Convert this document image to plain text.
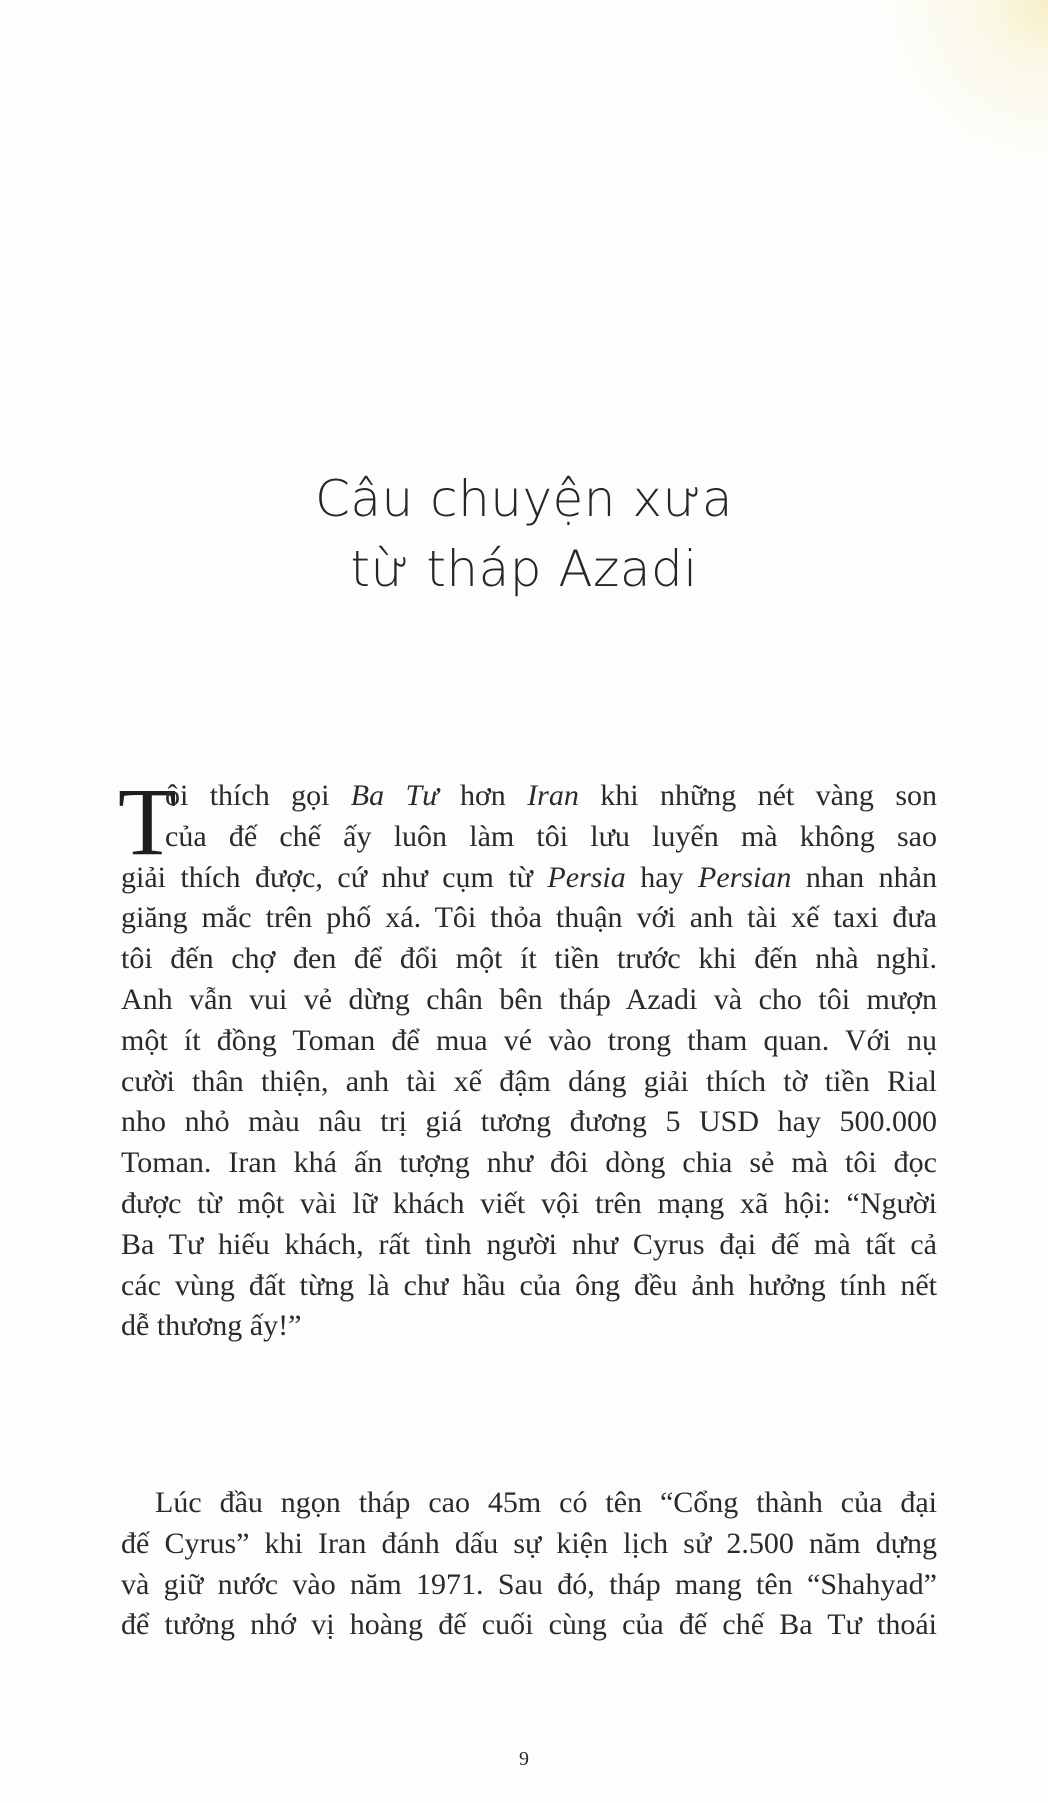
Câu chuyện xưa
từ tháp Azadi
T
ôi thích gọi Ba Tư hơn Iran khi những nét vàng son
của đế chế ấy luôn làm tôi lưu luyến mà không sao
giải thích được, cứ như cụm từ Persia hay Persian nhan nhản
giăng mắc trên phố xá. Tôi thỏa thuận với anh tài xế taxi đưa
tôi đến chợ đen để đổi một ít tiền trước khi đến nhà nghỉ.
Anh vẫn vui vẻ dừng chân bên tháp Azadi và cho tôi mượn
một ít đồng Toman để mua vé vào trong tham quan. Với nụ
cười thân thiện, anh tài xế đậm dáng giải thích tờ tiền Rial
nho nhỏ màu nâu trị giá tương đương 5 USD hay 500.000
Toman. Iran khá ấn tượng như đôi dòng chia sẻ mà tôi đọc
được từ một vài lữ khách viết vội trên mạng xã hội: “Người
Ba Tư hiếu khách, rất tình người như Cyrus đại đế mà tất cả
các vùng đất từng là chư hầu của ông đều ảnh hưởng tính nết
dễ thương ấy!”
Lúc đầu ngọn tháp cao 45m có tên “Cổng thành của đại
đế Cyrus” khi Iran đánh dấu sự kiện lịch sử 2.500 năm dựng
và giữ nước vào năm 1971. Sau đó, tháp mang tên “Shahyad”
để tưởng nhớ vị hoàng đế cuối cùng của đế chế Ba Tư thoái
9
